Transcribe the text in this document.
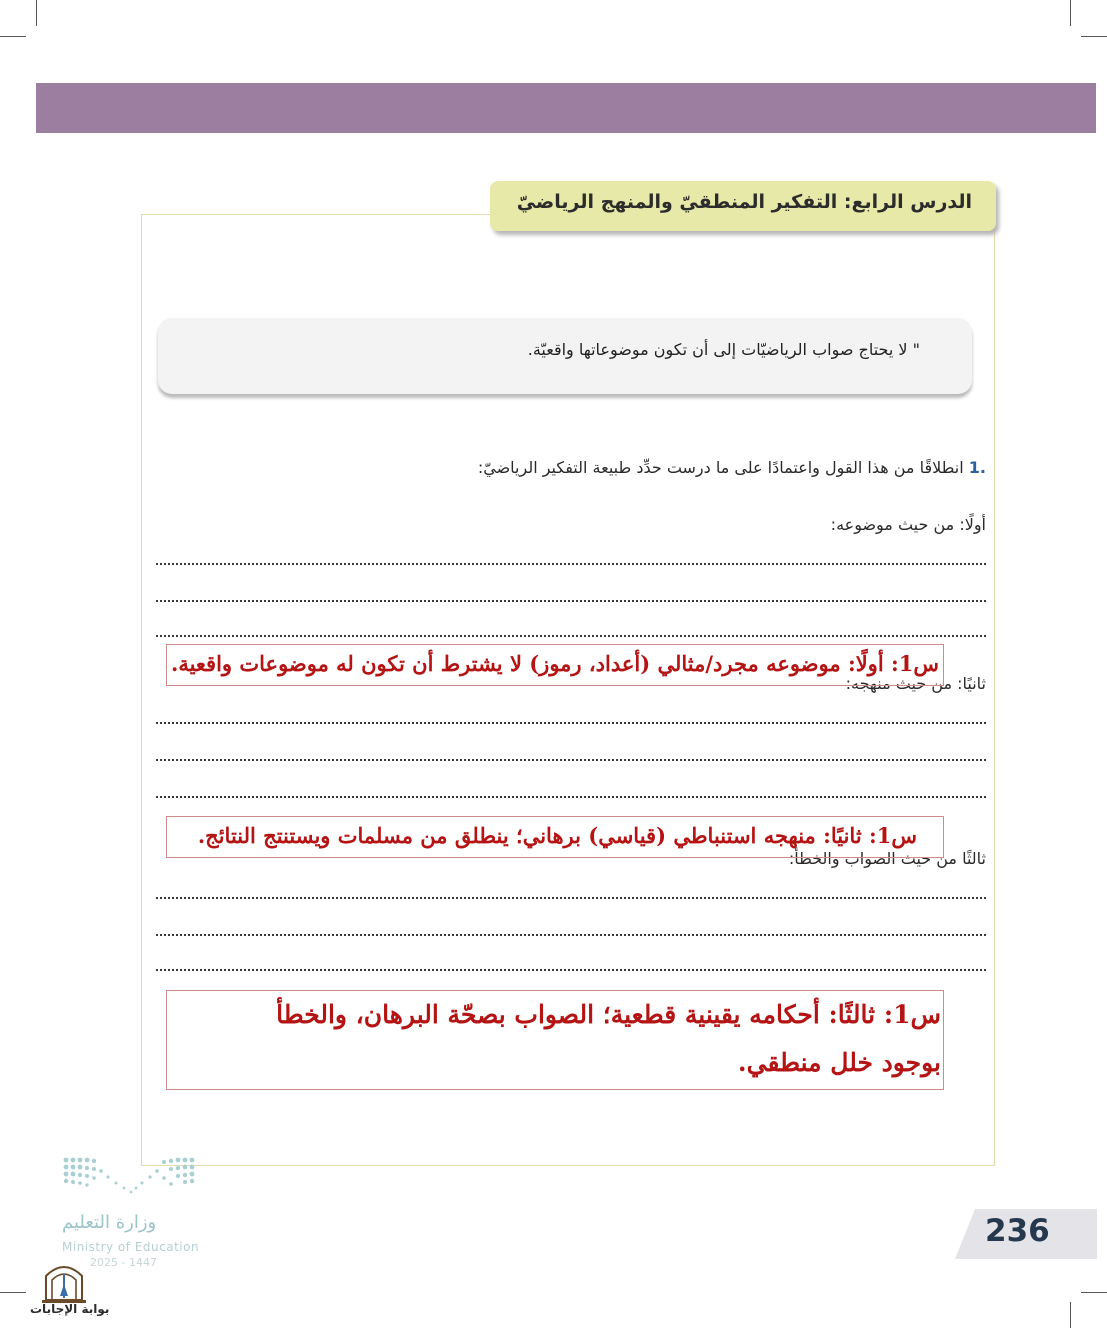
الدرس الرابع: التفكير المنطقيّ والمنهج الرياضيّ
" لا يحتاج صواب الرياضيّات إلى أن تكون موضوعاتها واقعيّة.
.1 انطلاقًا من هذا القول واعتمادًا على ما درست حدِّد طبيعة التفكير الرياضيّ:
أولًا: من حيث موضوعه:
ثانيًا: من حيث منهجه:
س1: أولًا: موضوعه مجرد/مثالي (أعداد، رموز) لا يشترط أن تكون له موضوعات واقعية.
ثالثًا من حيث الصواب والخطأ:
س1: ثانيًا: منهجه استنباطي (قياسي) برهاني؛ ينطلق من مسلمات ويستنتج النتائج.
س1: ثالثًا: أحكامه يقينية قطعية؛ الصواب بصحّة البرهان، والخطأ
بوجود خلل منطقي.
وزارة التعليم
Ministry of Education
2025 - 1447
بوابة الإجابات
236
